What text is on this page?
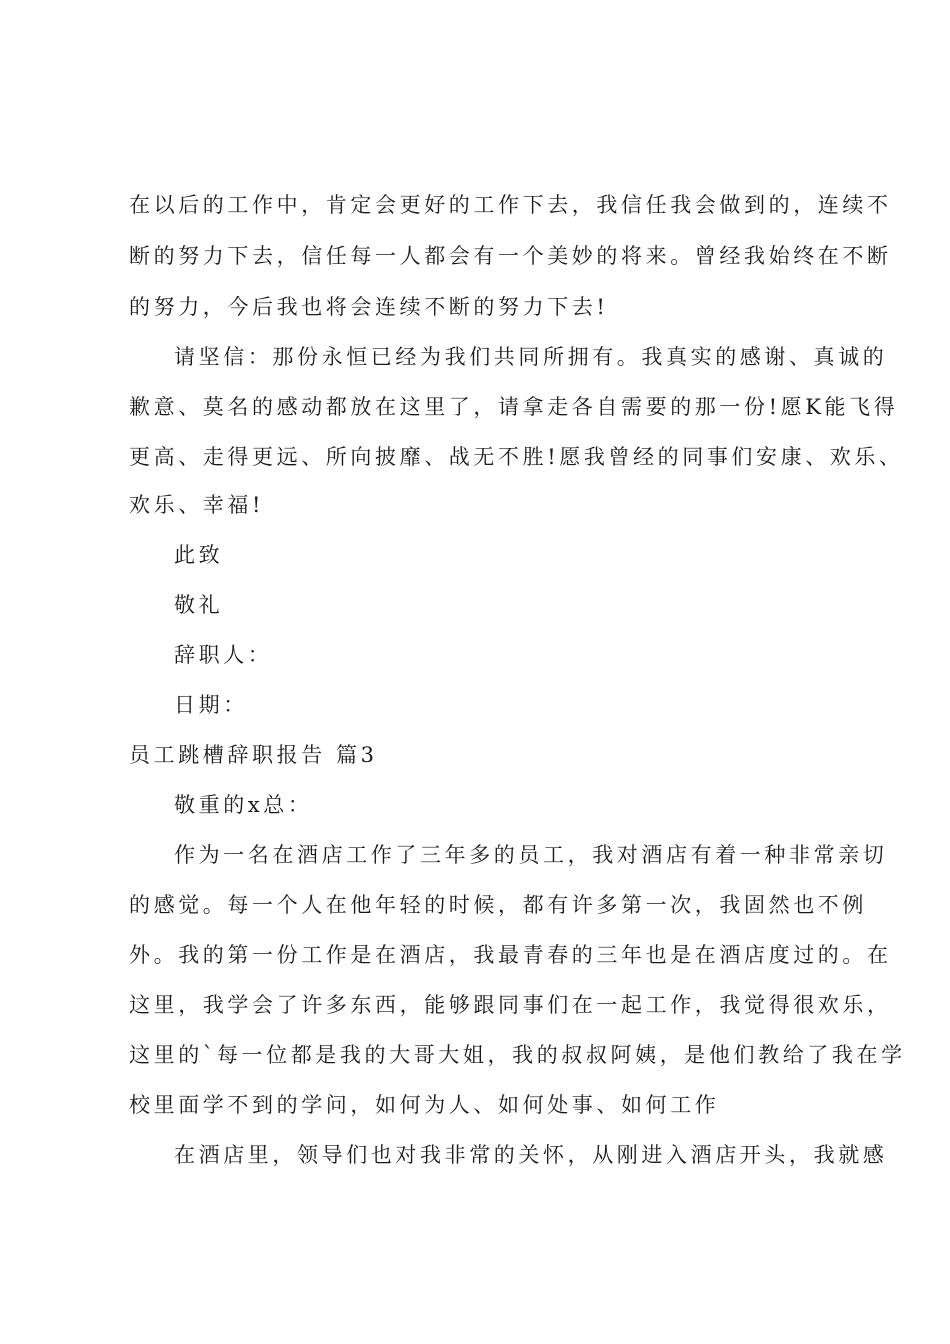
在以后的工作中，肯定会更好的工作下去，我信任我会做到的，连续不
断的努力下去，信任每一人都会有一个美妙的将来。曾经我始终在不断
的努力，今后我也将会连续不断的努力下去!
请坚信：那份永恒已经为我们共同所拥有。我真实的感谢、真诚的
歉意、莫名的感动都放在这里了，请拿走各自需要的那一份!愿K能飞得
更高、走得更远、所向披靡、战无不胜!愿我曾经的同事们安康、欢乐、
欢乐、幸福!
此致
敬礼
辞职人：
日期：
员工跳槽辞职报告 篇3
敬重的x总：
作为一名在酒店工作了三年多的员工，我对酒店有着一种非常亲切
的感觉。每一个人在他年轻的时候，都有许多第一次，我固然也不例
外。我的第一份工作是在酒店，我最青春的三年也是在酒店度过的。在
这里，我学会了许多东西，能够跟同事们在一起工作，我觉得很欢乐，
这里的`每一位都是我的大哥大姐，我的叔叔阿姨，是他们教给了我在学
校里面学不到的学问，如何为人、如何处事、如何工作
在酒店里，领导们也对我非常的关怀，从刚进入酒店开头，我就感
